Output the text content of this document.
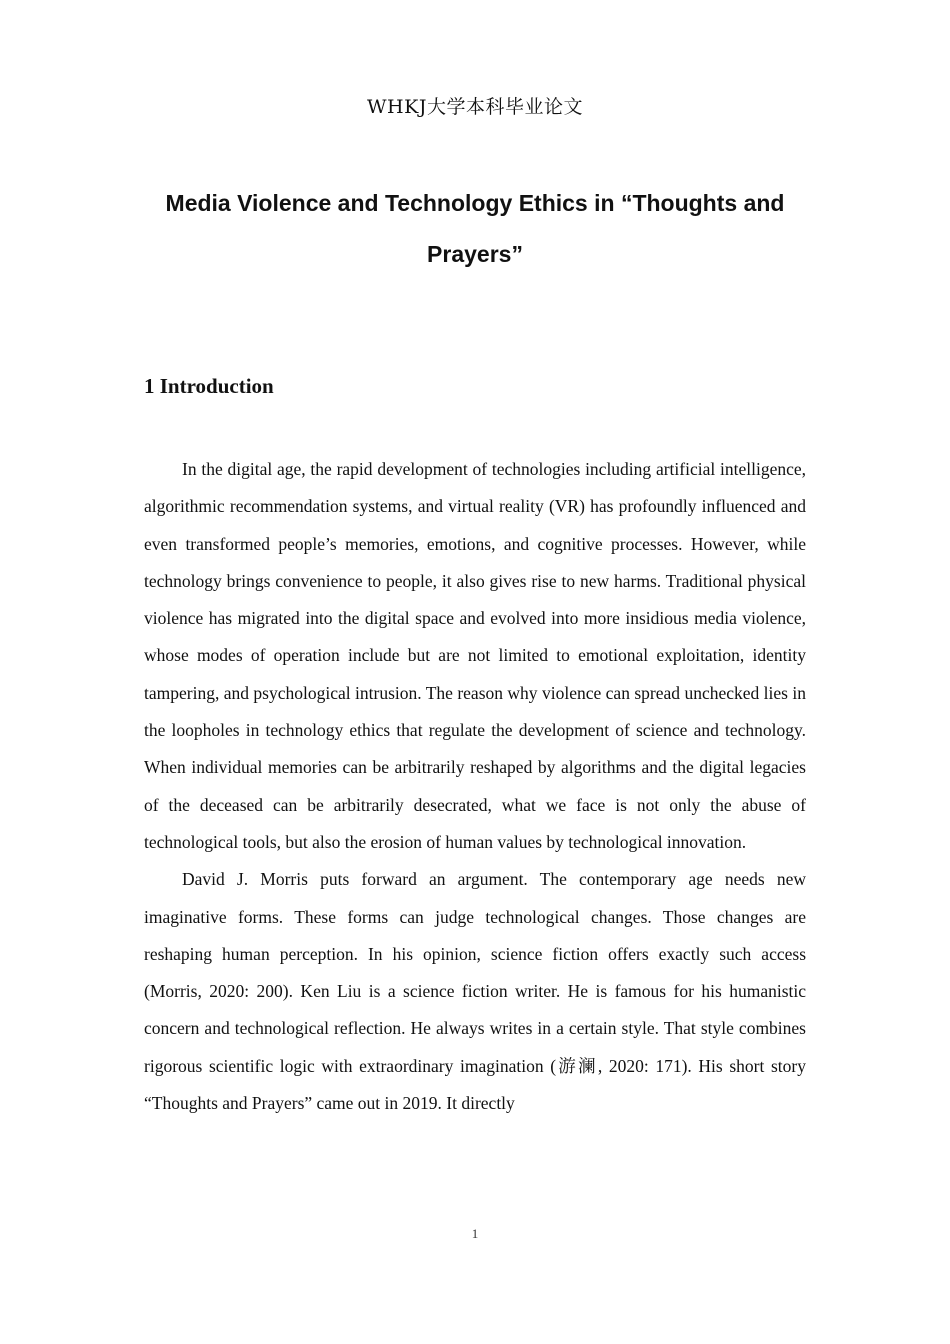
WHKJ大学本科毕业论文
Media Violence and Technology Ethics in “Thoughts and Prayers”
1 Introduction

In the digital age, the rapid development of technologies including artificial intelligence, algorithmic recommendation systems, and virtual reality (VR) has profoundly influenced and even transformed people’s memories, emotions, and cognitive processes. However, while technology brings convenience to people, it also gives rise to new harms. Traditional physical violence has migrated into the digital space and evolved into more insidious media violence, whose modes of operation include but are not limited to emotional exploitation, identity tampering, and psychological intrusion. The reason why violence can spread unchecked lies in the loopholes in technology ethics that regulate the development of science and technology. When individual memories can be arbitrarily reshaped by algorithms and the digital legacies of the deceased can be arbitrarily desecrated, what we face is not only the abuse of technological tools, but also the erosion of human values by technological innovation.

David J. Morris puts forward an argument. The contemporary age needs new imaginative forms. These forms can judge technological changes. Those changes are reshaping human perception. In his opinion, science fiction offers exactly such access (Morris, 2020: 200). Ken Liu is a science fiction writer. He is famous for his humanistic concern and technological reflection. He always writes in a certain style. That style combines rigorous scientific logic with extraordinary imagination (游澜, 2020: 171). His short story “Thoughts and Prayers” came out in 2019. It directly

1
